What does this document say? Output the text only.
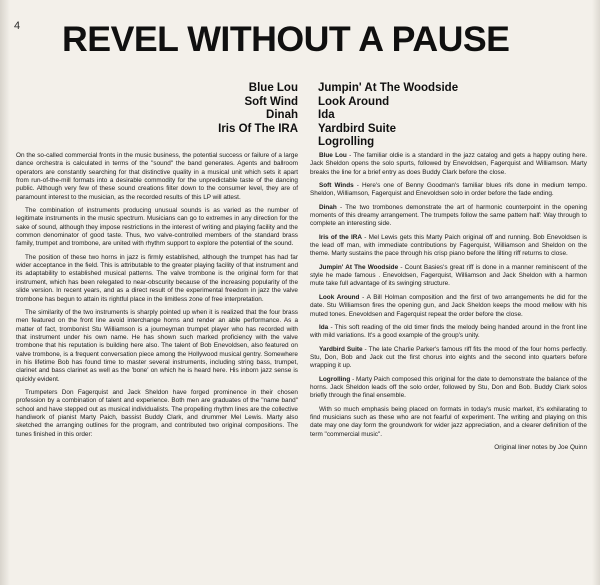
4 REVEL WITHOUT A PAUSE
Blue Lou
Soft Wind
Dinah
Iris Of The IRA
Jumpin' At The Woodside
Look Around
Ida
Yardbird Suite
Logrolling

On the so-called commercial fronts in the music business, the potential success or failure of a large dance orchestra is calculated in terms of the "sound" the band generates. Agents and ballroom operators are constantly searching for that distinctive quality in a musical unit which sets it apart from run-of-the-mill formats into a desirable commodity for the unpredictable taste of the dancing public. Although very few of these sound creations filter down to the consumer level, they are of paramount interest to the musician, as the recorded results of this LP will attest.

The combination of instruments producing unusual sounds is as varied as the number of legitimate instruments in the music spectrum. Musicians can go to extremes in any direction for the sake of sound, although they impose restrictions in the interest of writing and playing facility and the common denominator of good taste. Thus, two valve-controlled members of the standard brass family, trumpet and trombone, are united with rhythm support to explore the potential of the sound.

The position of these two horns in jazz is firmly established, although the trumpet has had far wider acceptance in the field. This is attributable to the greater playing facility of that instrument and its adaptability to established musical patterns. The valve trombone is the original form for that instrument, which has been relegated to near-obscurity because of the increasing popularity of the slide version. In recent years, and as a direct result of the experimental freedom in jazz the valve trombone has begun to attain its rightful place in the limitless zone of free interpretation.

The similarity of the two instruments is sharply pointed up when it is realized that the four brass men featured on the front line avoid interchange horns and render an able performance. As a matter of fact, trombonist Stu Williamson is a journeyman trumpet player who has recorded with that instrument under his own name. He has shown such marked proficiency with the valve trombone that his reputation is building here also. The talent of Bob Enevoldsen, also featured on valve trombone, is a frequent conversation piece among the Hollywood musical gentry. Somewhere in his lifetime Bob has found time to master several instruments, including string bass, trumpet, clarinet and bass clarinet as well as the 'bone' on which he is heard here. His inborn jazz sense is quickly evident.

Trumpeters Don Fagerquist and Jack Sheldon have forged prominence in their chosen profession by a combination of talent and experience. Both men are graduates of the "name band" school and have stepped out as musical individualists. The propelling rhythm lines are the collective handiwork of pianist Marty Paich, bassist Buddy Clark, and drummer Mel Lewis. Marty also sketched the arranging outlines for the program, and contributed two original compositions. The tunes finished in this order:

Blue Lou - The familiar oldie is a standard in the jazz catalog and gets a happy outing here. Jack Sheldon opens the solo spurts, followed by Enevoldsen, Fagerquist and Williamson. Marty breaks the line for a brief entry as does Buddy Clark before the close.

Soft Winds - Here's one of Benny Goodman's familiar blues rifs done in medium tempo. Sheldon, Williamson, Fagerquist and Enevoldsen solo in order before the fade ending.

Dinah - The two trombones demonstrate the art of harmonic counterpoint in the opening moments of this dreamy arrangement. The trumpets follow the same pattern half: Way through to complete an interesting side.

Iris of the IRA - Mel Lewis gets this Marty Paich original off and running. Bob Enevoldsen is the lead off man, with immediate contributions by Fagerquist, Williamson and Sheldon on the theme. Marty sustains the pace through his crisp piano before the lilting riff returns to close.

Jumpin' At The Woodside - Count Basies's great riff is done in a manner reminiscent of the style he made famous . Enevoldsen, Fagerquist, Williamson and Jack Sheldon with a harmon mute take full advantage of its swinging structure.

Look Around - A Bill Holman composition and the first of two arrangements he did for the date. Stu Williamson fires the opening gun, and Jack Sheldon keeps the mood mellow with his muted tones. Enevoldsen and Fagerquist repeat the order before the close.

Ida - This soft reading of the old timer finds the melody being handed around in the front line with mild variations. It's a good example of the group's unity.

Yardbird Suite - The late Charlie Parker's famous riff fits the mood of the four horns perfectly. Stu, Don, Bob and Jack cut the first chorus into eights and the second into quarters before wrapping it up.

Logrolling - Marty Paich composed this original for the date to demonstrate the balance of the horns. Jack Sheldon leads off the solo order, followed by Stu, Don and Bob. Buddy Clark solos briefly through the final ensemble.

With so much emphasis being placed on formats in today's music market, it's exhilarating to find musicians such as these who are not fearful of experiment. The writing and playing on this date may one day form the groundwork for wider jazz appreciation, and a clearer definition of the term "commercial music".

Original liner notes by Joe Quinn
